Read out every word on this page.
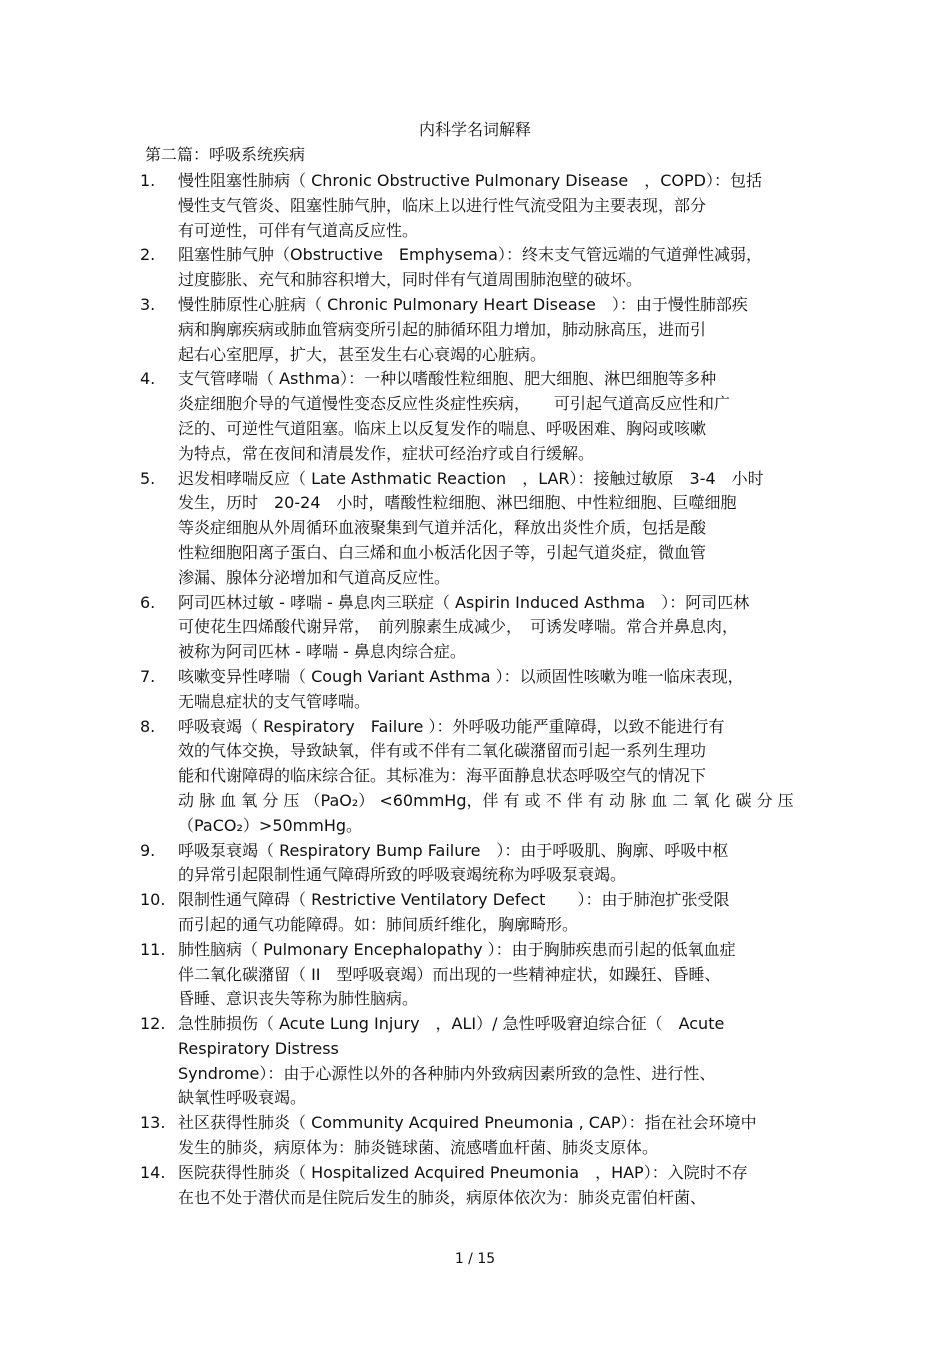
内科学名词解释
第二篇：呼吸系统疾病
1.	慢性阻塞性肺病（ Chronic Obstructive Pulmonary Disease　，COPD）：包括
慢性支气管炎、阻塞性肺气肿，临床上以进行性气流受阻为主要表现，部分
有可逆性，可伴有气道高反应性。
2.	阻塞性肺气肿（Obstructive　Emphysema）：终末支气管远端的气道弹性减弱，
过度膨胀、充气和肺容积增大，同时伴有气道周围肺泡壁的破坏。
3.	慢性肺原性心脏病（ Chronic Pulmonary Heart Disease　）：由于慢性肺部疾
病和胸廓疾病或肺血管病变所引起的肺循环阻力增加，肺动脉高压，进而引
起右心室肥厚，扩大，甚至发生右心衰竭的心脏病。
4.	支气管哮喘（ Asthma）：一种以嗜酸性粒细胞、肥大细胞、淋巴细胞等多种
炎症细胞介导的气道慢性变态反应性炎症性疾病，　　可引起气道高反应性和广
泛的、可逆性气道阻塞。临床上以反复发作的喘息、呼吸困难、胸闷或咳嗽
为特点，常在夜间和清晨发作，症状可经治疗或自行缓解。
5.	迟发相哮喘反应（ Late Asthmatic Reaction　，LAR）：接触过敏原　3-4　小时
发生，历时　20-24　小时，嗜酸性粒细胞、淋巴细胞、中性粒细胞、巨噬细胞
等炎症细胞从外周循环血液聚集到气道并活化，释放出炎性介质，包括是酸
性粒细胞阳离子蛋白、白三烯和血小板活化因子等，引起气道炎症，微血管
渗漏、腺体分泌增加和气道高反应性。
6.	阿司匹林过敏 - 哮喘 - 鼻息肉三联症（ Aspirin Induced Asthma　）：阿司匹林
可使花生四烯酸代谢异常，　前列腺素生成减少，　可诱发哮喘。常合并鼻息肉，
被称为阿司匹林 - 哮喘 - 鼻息肉综合症。
7.	咳嗽变异性哮喘（ Cough Variant Asthma ）：以顽固性咳嗽为唯一临床表现，
无喘息症状的支气管哮喘。
8.	呼吸衰竭（ Respiratory　Failure ）：外呼吸功能严重障碍，以致不能进行有
效的气体交换，导致缺氧，伴有或不伴有二氧化碳潴留而引起一系列生理功
能和代谢障碍的临床综合征。其标准为：海平面静息状态呼吸空气的情况下
动 脉 血 氧 分 压 （PaO₂） <60mmHg，伴 有 或 不 伴 有 动 脉 血 二 氧 化 碳 分 压
（PaCO₂）>50mmHg。
9.	呼吸泵衰竭（ Respiratory Bump Failure　）：由于呼吸肌、胸廓、呼吸中枢
的异常引起限制性通气障碍所致的呼吸衰竭统称为呼吸泵衰竭。
10. 限制性通气障碍（ Restrictive Ventilatory Defect　　）：由于肺泡扩张受限
而引起的通气功能障碍。如：肺间质纤维化，胸廓畸形。
11. 肺性脑病（ Pulmonary Encephalopathy ）：由于胸肺疾患而引起的低氧血症
伴二氧化碳潴留（ II　型呼吸衰竭）而出现的一些精神症状，如躁狂、昏睡、
昏睡、意识丧失等称为肺性脑病。
12. 急性肺损伤（ Acute Lung Injury　，ALI）/ 急性呼吸窘迫综合征（　Acute
Respiratory Distress
Syndrome）：由于心源性以外的各种肺内外致病因素所致的急性、进行性、
缺氧性呼吸衰竭。
13. 社区获得性肺炎（ Community Acquired Pneumonia , CAP）：指在社会环境中
发生的肺炎，病原体为：肺炎链球菌、流感嗜血杆菌、肺炎支原体。
14. 医院获得性肺炎（ Hospitalized Acquired Pneumonia　，HAP）：入院时不存
在也不处于潜伏而是住院后发生的肺炎，病原体依次为：肺炎克雷伯杆菌、
1 / 15
